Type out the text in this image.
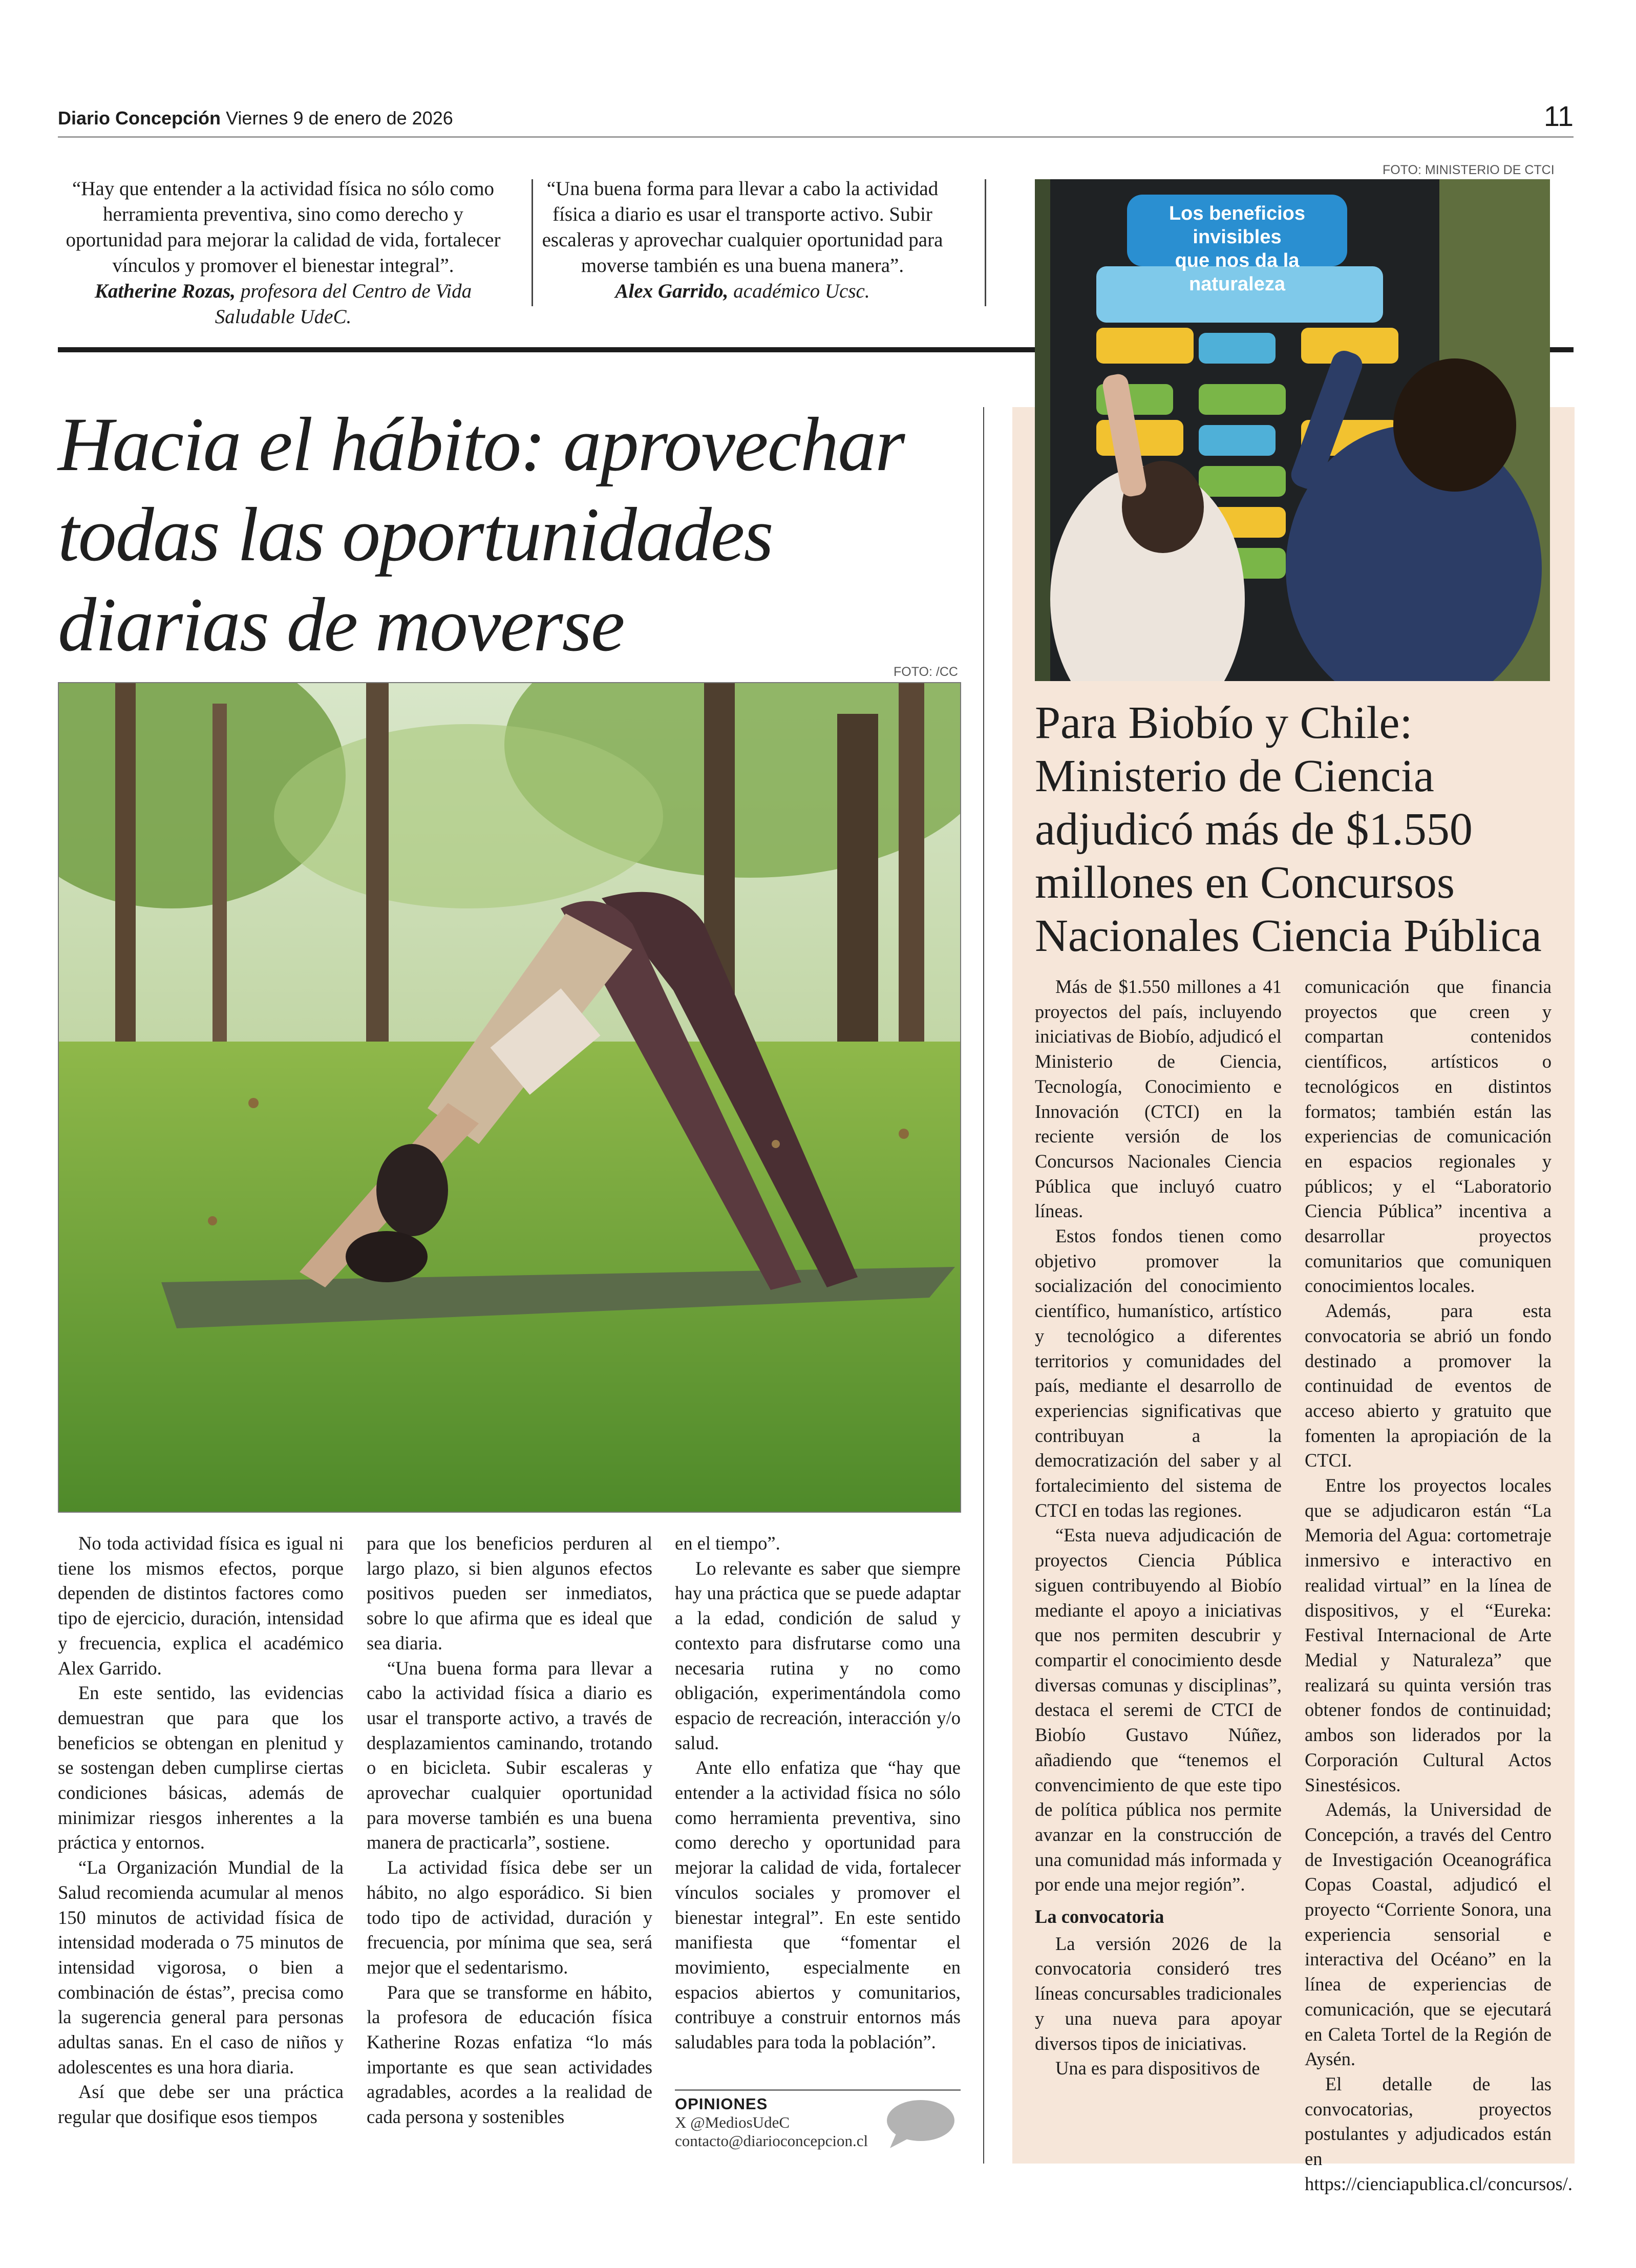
Diario Concepción Viernes 9 de enero de 2026	11
“Hay que entender a la actividad física no sólo como herramienta preventiva, sino como derecho y oportunidad para mejorar la calidad de vida, fortalecer vínculos y promover el bienestar integral”.
Katherine Rozas, profesora del Centro de Vida Saludable UdeC.
“Una buena forma para llevar a cabo la actividad física a diario es usar el transporte activo. Subir escaleras y aprovechar cualquier oportunidad para moverse también es una buena manera”.
Alex Garrido, académico Ucsc.
Hacia el hábito: aprovechar todas las oportunidades diarias de moverse
FOTO: /CC

No toda actividad física es igual ni tiene los mismos efectos, porque dependen de distintos factores como tipo de ejercicio, duración, intensidad y frecuencia, explica el académico Alex Garrido.

En este sentido, las evidencias demuestran que para que los beneficios se obtengan en plenitud y se sostengan deben cumplirse ciertas condiciones básicas, además de minimizar riesgos inherentes a la práctica y entornos.

“La Organización Mundial de la Salud recomienda acumular al menos 150 minutos de actividad física de intensidad moderada o 75 minutos de intensidad vigorosa, o bien a combinación de éstas”, precisa como la sugerencia general para personas adultas sanas. En el caso de niños y adolescentes es una hora diaria.

Así que debe ser una práctica regular que dosifique esos tiempos

para que los beneficios perduren al largo plazo, si bien algunos efectos positivos pueden ser inmediatos, sobre lo que afirma que es ideal que sea diaria.

“Una buena forma para llevar a cabo la actividad física a diario es usar el transporte activo, a través de desplazamientos caminando, trotando o en bicicleta. Subir escaleras y aprovechar cualquier oportunidad para moverse también es una buena manera de practicarla”, sostiene.

La actividad física debe ser un hábito, no algo esporádico. Si bien todo tipo de actividad, duración y frecuencia, por mínima que sea, será mejor que el sedentarismo.

Para que se transforme en hábito, la profesora de educación física Katherine Rozas enfatiza “lo más importante es que sean actividades agradables, acordes a la realidad de cada persona y sostenibles

en el tiempo”.

Lo relevante es saber que siempre hay una práctica que se puede adaptar a la edad, condición de salud y contexto para disfrutarse como una necesaria rutina y no como obligación, experimentándola como espacio de recreación, interacción y/o salud.

Ante ello enfatiza que “hay que entender a la actividad física no sólo como herramienta preventiva, sino como derecho y oportunidad para mejorar la calidad de vida, fortalecer vínculos sociales y promover el bienestar integral”. En este sentido manifiesta que “fomentar el movimiento, especialmente en espacios abiertos y comunitarios, contribuye a construir entornos más saludables para toda la población”.

OPINIONES
X @MediosUdeC
contacto@diarioconcepcion.cl
FOTO: MINISTERIO DE CTCI
Los beneficios invisibles
que nos da la naturaleza
Para Biobío y Chile: Ministerio de Ciencia adjudicó más de $1.550 millones en Concursos Nacionales Ciencia Pública

Más de $1.550 millones a 41 proyectos del país, incluyendo iniciativas de Biobío, adjudicó el Ministerio de Ciencia, Tecnología, Conocimiento e Innovación (CTCI) en la reciente versión de los Concursos Nacionales Ciencia Pública que incluyó cuatro líneas.

Estos fondos tienen como objetivo promover la socialización del conocimiento científico, humanístico, artístico y tecnológico a diferentes territorios y comunidades del país, mediante el desarrollo de experiencias significativas que contribuyan a la democratización del saber y al fortalecimiento del sistema de CTCI en todas las regiones.

“Esta nueva adjudicación de proyectos Ciencia Pública siguen contribuyendo al Biobío mediante el apoyo a iniciativas que nos permiten descubrir y compartir el conocimiento desde diversas comunas y disciplinas”, destaca el seremi de CTCI de Biobío Gustavo Núñez, añadiendo que “tenemos el convencimiento de que este tipo de política pública nos permite avanzar en la construcción de una comunidad más informada y por ende una mejor región”.

La convocatoria

La versión 2026 de la convocatoria consideró tres líneas concursables tradicionales y una nueva para apoyar diversos tipos de iniciativas.

Una es para dispositivos de

comunicación que financia proyectos que creen y compartan contenidos científicos, artísticos o tecnológicos en distintos formatos; también están las experiencias de comunicación en espacios regionales y públicos; y el “Laboratorio Ciencia Pública” incentiva a desarrollar proyectos comunitarios que comuniquen conocimientos locales.

Además, para esta convocatoria se abrió un fondo destinado a promover la continuidad de eventos de acceso abierto y gratuito que fomenten la apropiación de la CTCI.

Entre los proyectos locales que se adjudicaron están “La Memoria del Agua: cortometraje inmersivo e interactivo en realidad virtual” en la línea de dispositivos, y el “Eureka: Festival Internacional de Arte Medial y Naturaleza” que realizará su quinta versión tras obtener fondos de continuidad; ambos son liderados por la Corporación Cultural Actos Sinestésicos.

Además, la Universidad de Concepción, a través del Centro de Investigación Oceanográfica Copas Coastal, adjudicó el proyecto “Corriente Sonora, una experiencia sensorial e interactiva del Océano” en la línea de experiencias de comunicación, que se ejecutará en Caleta Tortel de la Región de Aysén.

El detalle de las convocatorias, proyectos postulantes y adjudicados están en https://cienciapublica.cl/concursos/.
